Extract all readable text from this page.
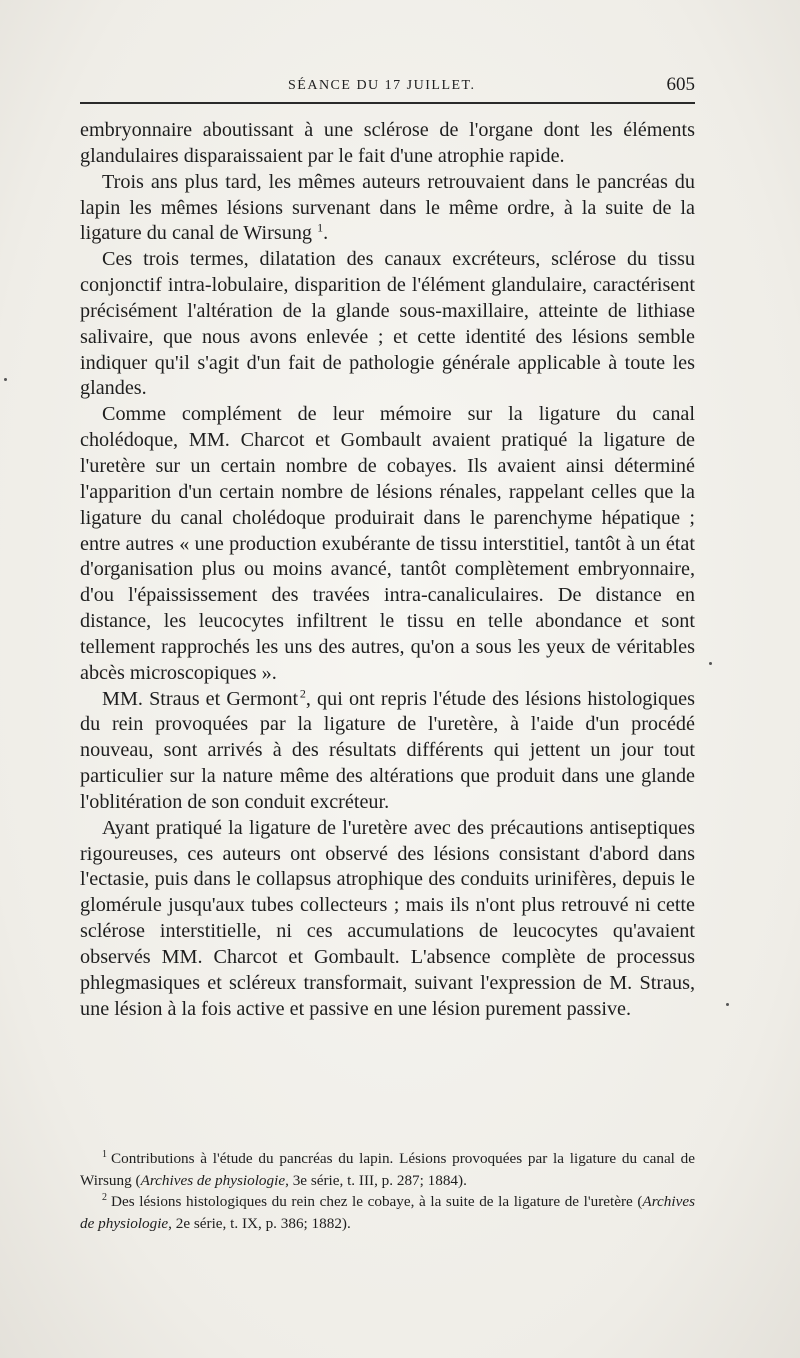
SÉANCE DU 17 JUILLET.	605

embryonnaire aboutissant à une sclérose de l'organe dont les éléments glandulaires disparaissaient par le fait d'une atrophie rapide.

Trois ans plus tard, les mêmes auteurs retrouvaient dans le pancréas du lapin les mêmes lésions survenant dans le même ordre, à la suite de la ligature du canal de Wirsung $^1$.

Ces trois termes, dilatation des canaux excréteurs, sclérose du tissu conjonctif intra-lobulaire, disparition de l'élément glandulaire, caractérisent précisément l'altération de la glande sous-maxillaire, atteinte de lithiase salivaire, que nous avons enlevée ; et cette identité des lésions semble indiquer qu'il s'agit d'un fait de pathologie générale applicable à toute les glandes.

Comme complément de leur mémoire sur la ligature du canal cholédoque, MM. Charcot et Gombault avaient pratiqué la ligature de l'uretère sur un certain nombre de cobayes. Ils avaient ainsi déterminé l'apparition d'un certain nombre de lésions rénales, rappelant celles que la ligature du canal cholédoque produirait dans le parenchyme hépatique ; entre autres « une production exubérante de tissu interstitiel, tantôt à un état d'organisation plus ou moins avancé, tantôt complètement embryonnaire, d'ou l'épaississement des travées intra-canaliculaires. De distance en distance, les leucocytes infiltrent le tissu en telle abondance et sont tellement rapprochés les uns des autres, qu'on a sous les yeux de véritables abcès microscopiques ».

MM. Straus et Germont  $^2$, qui ont repris l'étude des lésions histologiques du rein provoquées par la ligature de l'uretère, à l'aide d'un procédé nouveau, sont arrivés à des résultats différents qui jettent un jour tout particulier sur la nature même des altérations que produit dans une glande l'oblitération de son conduit excréteur.

Ayant pratiqué la ligature de l'uretère avec des précautions antiseptiques rigoureuses, ces auteurs ont observé des lésions consistant d'abord dans l'ectasie, puis dans le collapsus atrophique des conduits urinifères, depuis le glomérule jusqu'aux tubes collecteurs ; mais ils n'ont plus retrouvé ni cette sclérose interstitielle, ni ces accumulations de leucocytes qu'avaient observés MM. Charcot et Gombault. L'absence complète de processus phlegmasiques et scléreux transformait, suivant l'expression de M. Straus, une lésion à la fois active et passive en une lésion purement passive.

$^1$ Contributions à l'étude du pancréas du lapin. Lésions provoquées par la ligature du canal de Wirsung (Archives de physiologie, 3e série, t. III, p. 287; 1884).

$^2$ Des lésions histologiques du rein chez le cobaye, à la suite de la ligature de l'uretère (Archives de physiologie, 2e série, t. IX, p. 386; 1882).
